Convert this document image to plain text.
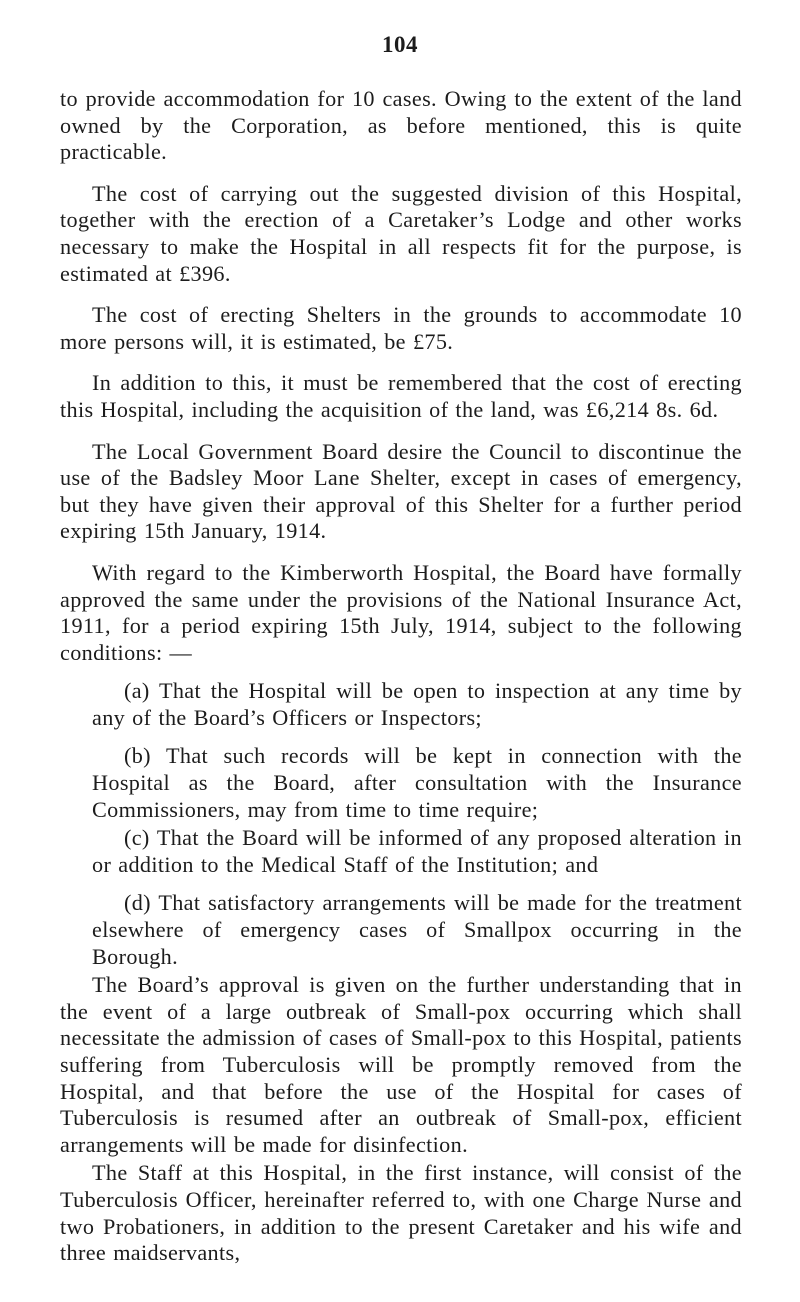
104

to provide accommodation for 10 cases. Owing to the extent of the land owned by the Corporation, as before mentioned, this is quite practicable.

The cost of carrying out the suggested division of this Hospital, together with the erection of a Caretaker’s Lodge and other works necessary to make the Hospital in all respects fit for the purpose, is estimated at £396.

The cost of erecting Shelters in the grounds to accommodate 10 more persons will, it is estimated, be £75.

In addition to this, it must be remembered that the cost of erecting this Hospital, including the acquisition of the land, was £6,214 8s. 6d.

The Local Government Board desire the Council to discontinue the use of the Badsley Moor Lane Shelter, except in cases of emergency, but they have given their approval of this Shelter for a further period expiring 15th January, 1914.

With regard to the Kimberworth Hospital, the Board have formally approved the same under the provisions of the National Insurance Act, 1911, for a period expiring 15th July, 1914, subject to the following conditions: —

(a) That the Hospital will be open to inspection at any time by any of the Board’s Officers or Inspectors;

(b) That such records will be kept in connection with the Hospital as the Board, after consultation with the Insurance Commissioners, may from time to time require;

(c) That the Board will be informed of any proposed alteration in or addition to the Medical Staff of the Institution; and

(d) That satisfactory arrangements will be made for the treatment elsewhere of emergency cases of Smallpox occurring in the Borough.

The Board’s approval is given on the further understanding that in the event of a large outbreak of Small-pox occurring which shall necessitate the admission of cases of Small-pox to this Hospital, patients suffering from Tuberculosis will be promptly removed from the Hospital, and that before the use of the Hospital for cases of Tuberculosis is resumed after an outbreak of Small-pox, efficient arrangements will be made for disinfection.

The Staff at this Hospital, in the first instance, will consist of the Tuberculosis Officer, hereinafter referred to, with one Charge Nurse and two Probationers, in addition to the present Caretaker and his wife and three maidservants,
